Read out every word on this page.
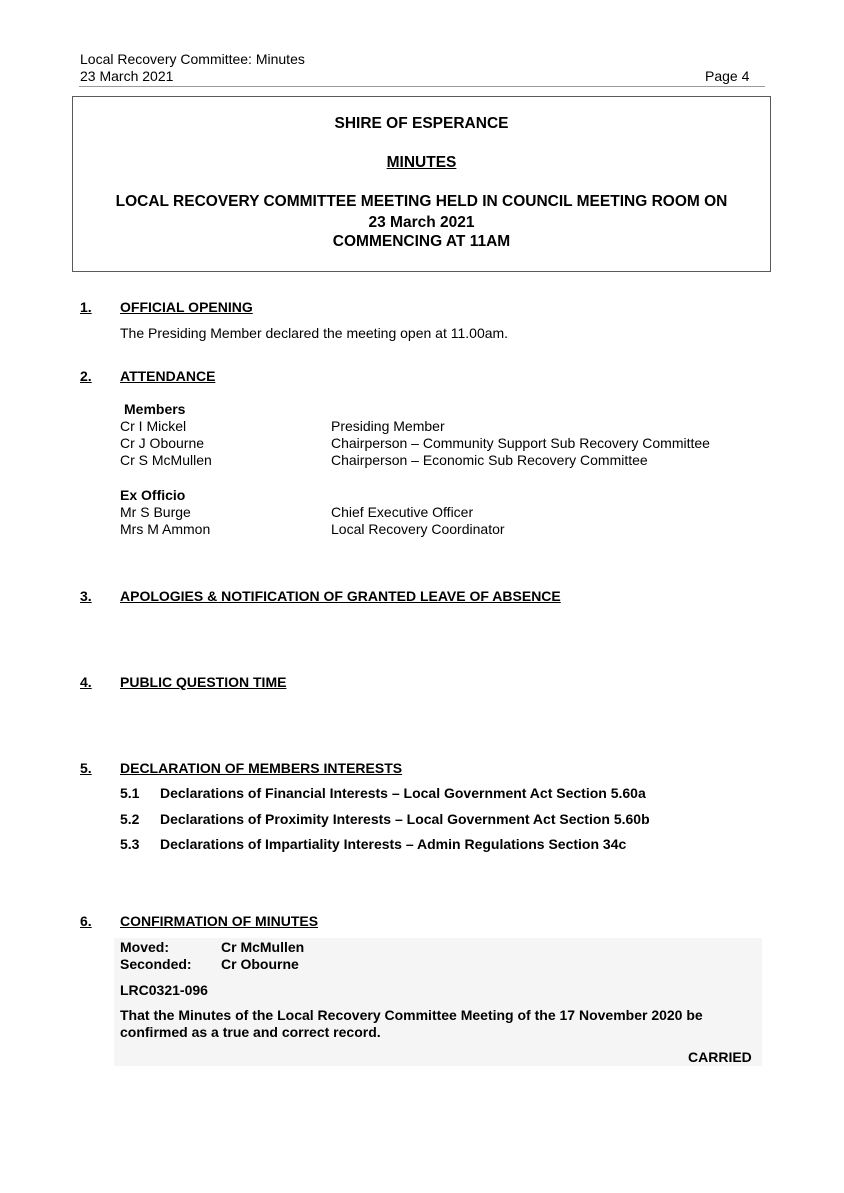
Local Recovery Committee: Minutes
23 March 2021	Page 4
SHIRE OF ESPERANCE
MINUTES
LOCAL RECOVERY COMMITTEE MEETING HELD IN COUNCIL MEETING ROOM ON
23 March 2021
COMMENCING AT 11AM
1. OFFICIAL OPENING
The Presiding Member declared the meeting open at 11.00am.
2. ATTENDANCE
Members
Cr I Mickel	Presiding Member
Cr J Obourne	Chairperson – Community Support Sub Recovery Committee
Cr S McMullen	Chairperson – Economic Sub Recovery Committee
Ex Officio
Mr S Burge	Chief Executive Officer
Mrs M Ammon	Local Recovery Coordinator
3. APOLOGIES & NOTIFICATION OF GRANTED LEAVE OF ABSENCE
4. PUBLIC QUESTION TIME
5. DECLARATION OF MEMBERS INTERESTS
5.1 Declarations of Financial Interests – Local Government Act Section 5.60a
5.2 Declarations of Proximity Interests – Local Government Act Section 5.60b
5.3 Declarations of Impartiality Interests – Admin Regulations Section 34c
6. CONFIRMATION OF MINUTES
Moved:	Cr McMullen
Seconded: Cr Obourne
LRC0321-096
That the Minutes of the Local Recovery Committee Meeting of the 17 November 2020 be
confirmed as a true and correct record.
CARRIED
